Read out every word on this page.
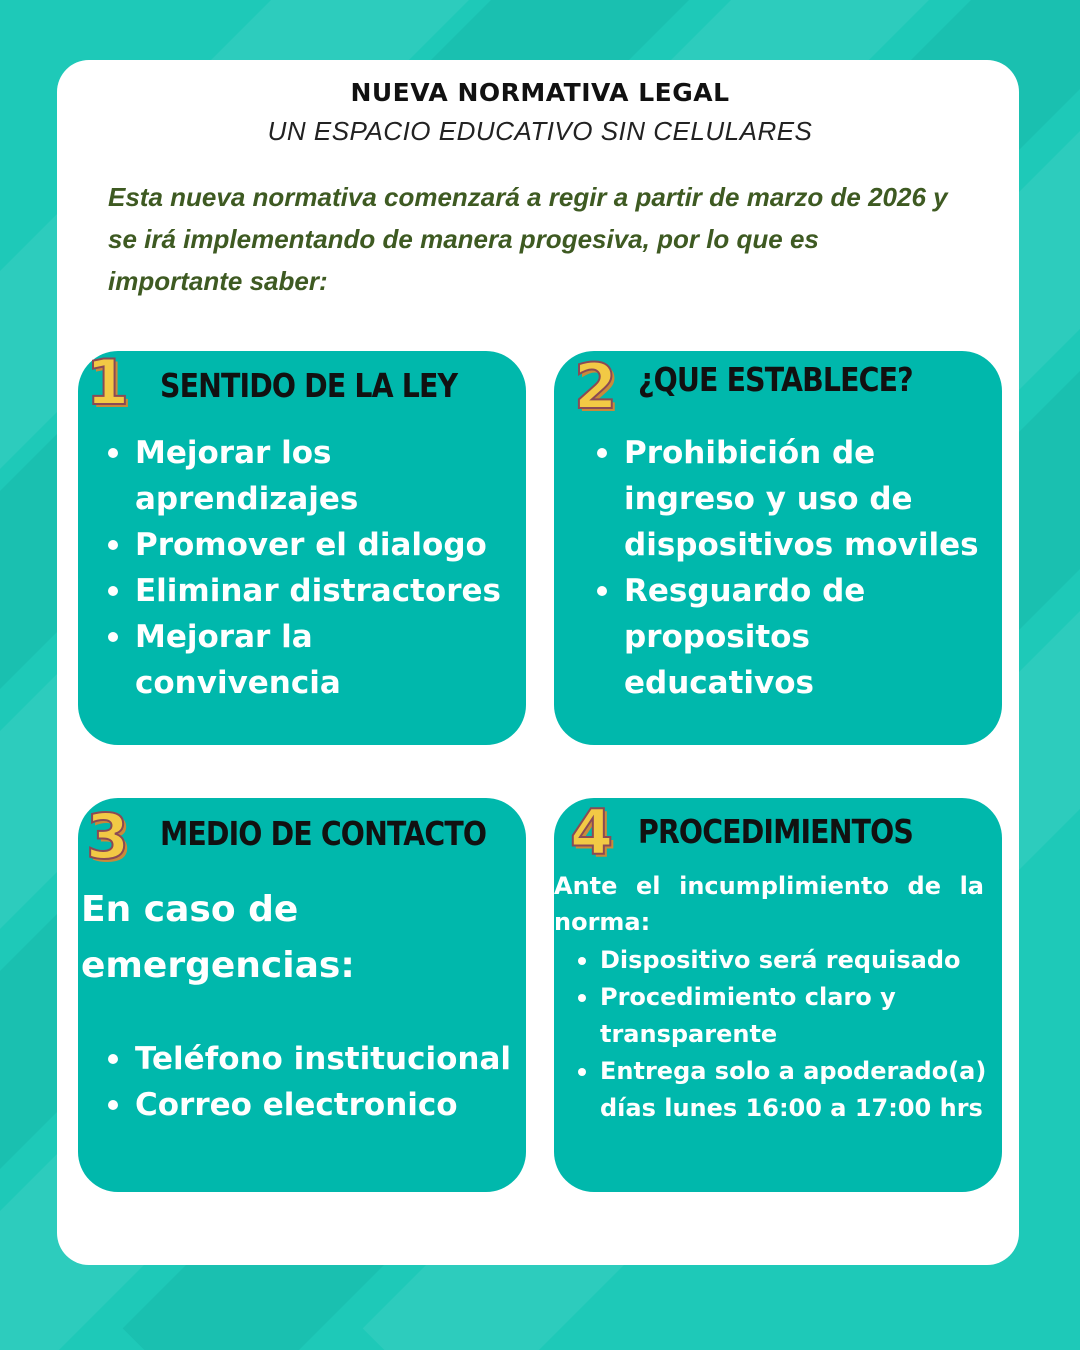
NUEVA NORMATIVA LEGAL
UN ESPACIO EDUCATIVO SIN CELULARES
Esta nueva normativa comenzará a regir a partir de marzo de 2026 y se irá implementando de manera progesiva, por lo que es importante saber:
1 SENTIDO DE LA LEY
Mejorar los aprendizajes
Promover el dialogo
Eliminar distractores
Mejorar la convivencia
2 ¿QUE ESTABLECE?
Prohibición de ingreso y uso de dispositivos moviles
Resguardo de propositos educativos
3 MEDIO DE CONTACTO
En caso de emergencias:
Teléfono institucional
Correo electronico
4 PROCEDIMIENTOS
Ante el incumplimiento de la norma:
Dispositivo será requisado
Procedimiento claro y transparente
Entrega solo a apoderado(a) días lunes 16:00 a 17:00 hrs
